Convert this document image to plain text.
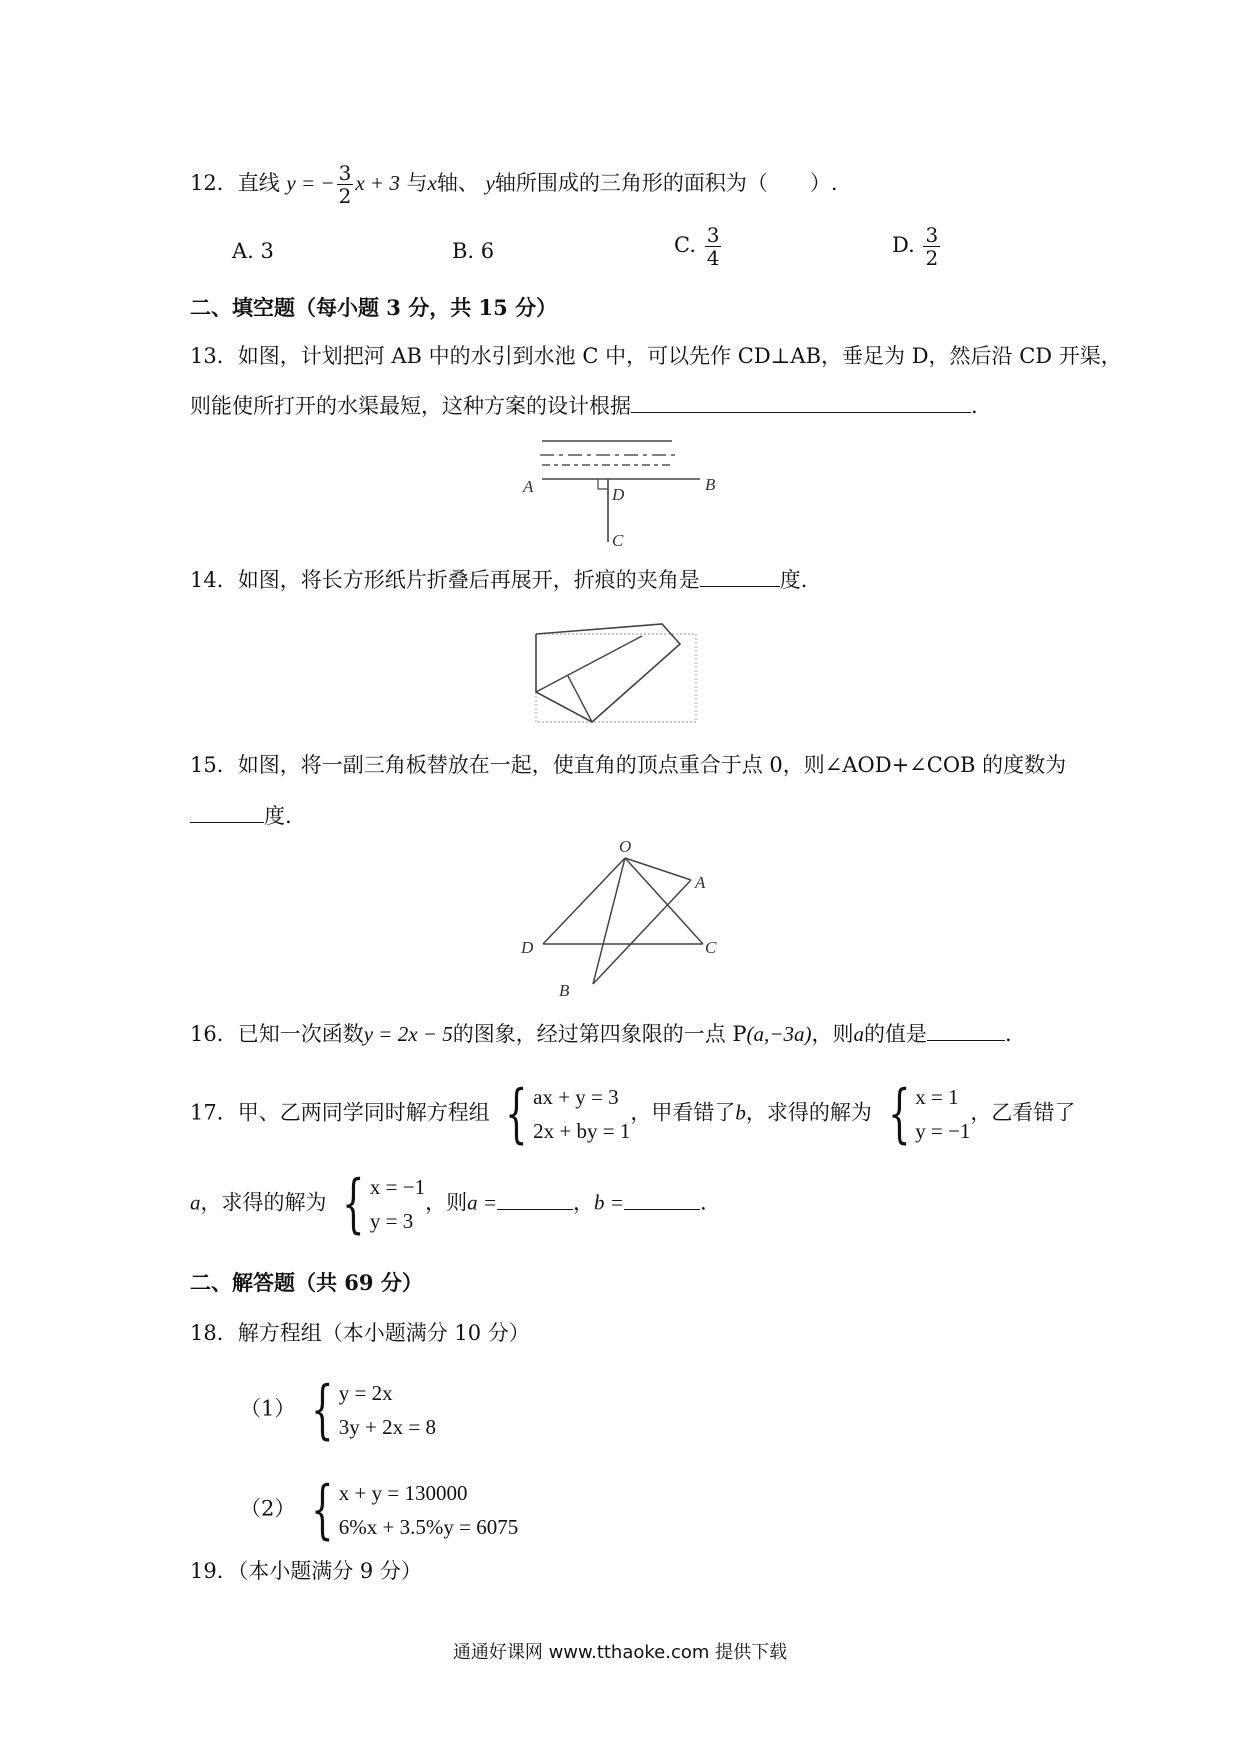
12．直线 y = − $\frac{3}{2}$ x + 3 与x轴、 y轴所围成的三角形的面积为（　　）.
A. 3	B. 6	C. $\frac{3}{4}$	D. $\frac{3}{2}$
二、填空题（每小题 3 分，共 15 分）
13．如图，计划把河 AB 中的水引到水池 C 中，可以先作 CD⊥AB，垂足为 D，然后沿 CD 开渠，
则能使所打开的水渠最短，这种方案的设计根据	.
A	B
D
C
14．如图，将长方形纸片折叠后再展开，折痕的夹角是	度.
15．如图，将一副三角板替放在一起，使直角的顶点重合于点 0，则∠AOD+∠COB 的度数为
度.
O
A
D	C
B
16．已知一次函数y = 2x − 5的图象，经过第四象限的一点 P(a,−3a)，则a的值是	.
17．甲、乙两同学同时解方程组 { ax + y = 3
2x + by = 1
，甲看错了b，求得的解为 { x = 1
y = −1
，乙看错了
a，求得的解为 { x = −1
y = 3
，则a =	，b =	.
二、解答题（共 69 分）
18．解方程组（本小题满分 10 分）
（1） { y = 2x
3y + 2x = 8
（2） { x + y = 130000
6%x + 3.5%y = 6075
19．（本小题满分 9 分）
通通好课网 www.tthaoke.com 提供下载
